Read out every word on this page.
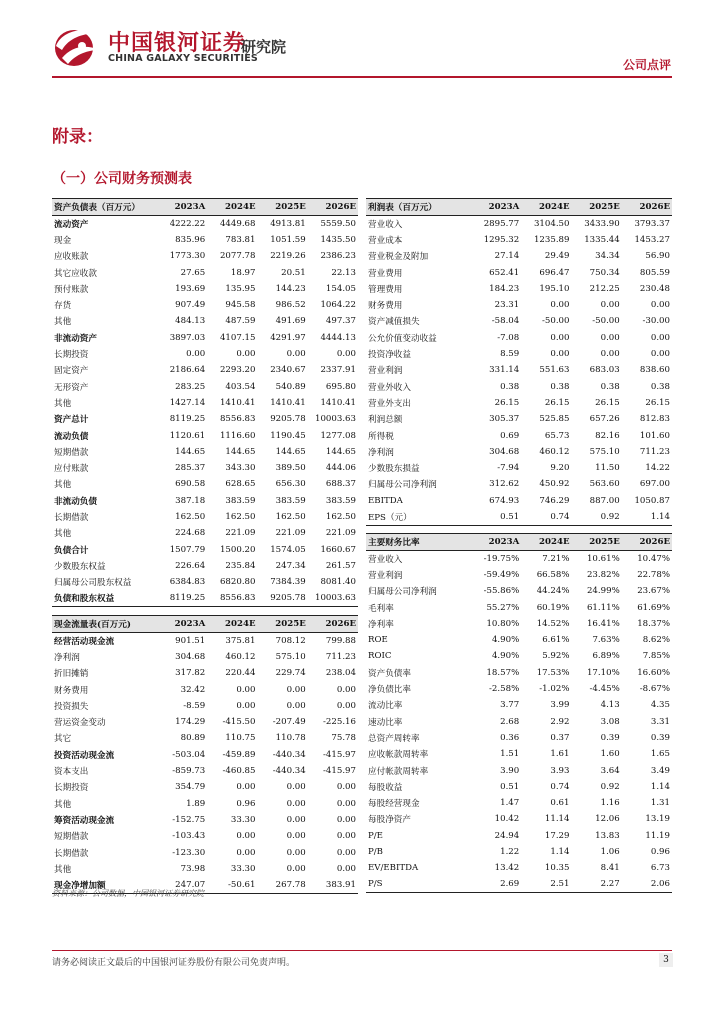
中国银河证券
CHINA GALAXY SECURITIES
研究院
公司点评
附录：
（一）公司财务预测表
资产负债表（百万元）	2023A	2024E	2025E	2026E
流动资产	4222.22	4449.68	4913.81	5559.50
现金	835.96	783.81	1051.59	1435.50
应收账款	1773.30	2077.78	2219.26	2386.23
其它应收款	27.65	18.97	20.51	22.13
预付账款	193.69	135.95	144.23	154.05
存货	907.49	945.58	986.52	1064.22
其他	484.13	487.59	491.69	497.37
非流动资产	3897.03	4107.15	4291.97	4444.13
长期投资	0.00	0.00	0.00	0.00
固定资产	2186.64	2293.20	2340.67	2337.91
无形资产	283.25	403.54	540.89	695.80
其他	1427.14	1410.41	1410.41	1410.41
资产总计	8119.25	8556.83	9205.78	10003.63
流动负债	1120.61	1116.60	1190.45	1277.08
短期借款	144.65	144.65	144.65	144.65
应付账款	285.37	343.30	389.50	444.06
其他	690.58	628.65	656.30	688.37
非流动负债	387.18	383.59	383.59	383.59
长期借款	162.50	162.50	162.50	162.50
其他	224.68	221.09	221.09	221.09
负债合计	1507.79	1500.20	1574.05	1660.67
少数股东权益	226.64	235.84	247.34	261.57
归属母公司股东权益	6384.83	6820.80	7384.39	8081.40
负债和股东权益	8119.25	8556.83	9205.78	10003.63
现金流量表(百万元)	2023A	2024E	2025E	2026E
经营活动现金流	901.51	375.81	708.12	799.88
净利润	304.68	460.12	575.10	711.23
折旧摊销	317.82	220.44	229.74	238.04
财务费用	32.42	0.00	0.00	0.00
投资损失	-8.59	0.00	0.00	0.00
营运资金变动	174.29	-415.50	-207.49	-225.16
其它	80.89	110.75	110.78	75.78
投资活动现金流	-503.04	-459.89	-440.34	-415.97
资本支出	-859.73	-460.85	-440.34	-415.97
长期投资	354.79	0.00	0.00	0.00
其他	1.89	0.96	0.00	0.00
筹资活动现金流	-152.75	33.30	0.00	0.00
短期借款	-103.43	0.00	0.00	0.00
长期借款	-123.30	0.00	0.00	0.00
其他	73.98	33.30	0.00	0.00
现金净增加额	247.07	-50.61	267.78	383.91
利润表（百万元）	2023A	2024E	2025E	2026E
营业收入	2895.77	3104.50	3433.90	3793.37
营业成本	1295.32	1235.89	1335.44	1453.27
营业税金及附加	27.14	29.49	34.34	56.90
营业费用	652.41	696.47	750.34	805.59
管理费用	184.23	195.10	212.25	230.48
财务费用	23.31	0.00	0.00	0.00
资产减值损失	-58.04	-50.00	-50.00	-30.00
公允价值变动收益	-7.08	0.00	0.00	0.00
投资净收益	8.59	0.00	0.00	0.00
营业利润	331.14	551.63	683.03	838.60
营业外收入	0.38	0.38	0.38	0.38
营业外支出	26.15	26.15	26.15	26.15
利润总额	305.37	525.85	657.26	812.83
所得税	0.69	65.73	82.16	101.60
净利润	304.68	460.12	575.10	711.23
少数股东损益	-7.94	9.20	11.50	14.22
归属母公司净利润	312.62	450.92	563.60	697.00
EBITDA	674.93	746.29	887.00	1050.87
EPS（元）	0.51	0.74	0.92	1.14
主要财务比率	2023A	2024E	2025E	2026E
营业收入	-19.75%	7.21%	10.61%	10.47%
营业利润	-59.49%	66.58%	23.82%	22.78%
归属母公司净利润	-55.86%	44.24%	24.99%	23.67%
毛利率	55.27%	60.19%	61.11%	61.69%
净利率	10.80%	14.52%	16.41%	18.37%
ROE	4.90%	6.61%	7.63%	8.62%
ROIC	4.90%	5.92%	6.89%	7.85%
资产负债率	18.57%	17.53%	17.10%	16.60%
净负债比率	-2.58%	-1.02%	-4.45%	-8.67%
流动比率	3.77	3.99	4.13	4.35
速动比率	2.68	2.92	3.08	3.31
总资产周转率	0.36	0.37	0.39	0.39
应收帐款周转率	1.51	1.61	1.60	1.65
应付帐款周转率	3.90	3.93	3.64	3.49
每股收益	0.51	0.74	0.92	1.14
每股经营现金	1.47	0.61	1.16	1.31
每股净资产	10.42	11.14	12.06	13.19
P/E	24.94	17.29	13.83	11.19
P/B	1.22	1.14	1.06	0.96
EV/EBITDA	13.42	10.35	8.41	6.73
P/S	2.69	2.51	2.27	2.06
资料来源：公司数据，中国银河证券研究院
请务必阅读正文最后的中国银河证券股份有限公司免责声明。	3
